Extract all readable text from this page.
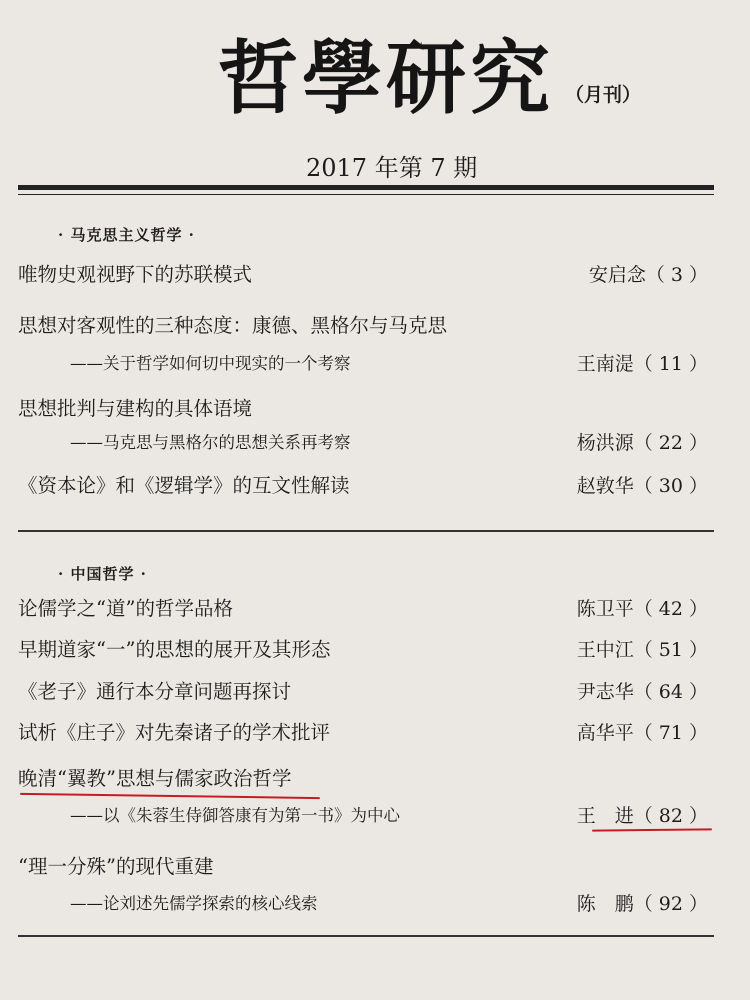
哲學研究 （月刊）
2017 年第 7 期
· 马克思主义哲学 ·
唯物史观视野下的苏联模式	安启念（ 3 ）
思想对客观性的三种态度：康德、黑格尔与马克思
——关于哲学如何切中现实的一个考察	王南湜（ 11 ）
思想批判与建构的具体语境
——马克思与黑格尔的思想关系再考察	杨洪源（ 22 ）
《资本论》和《逻辑学》的互文性解读	赵敦华（ 30 ）
· 中国哲学 ·
论儒学之“道”的哲学品格	陈卫平（ 42 ）
早期道家“一”的思想的展开及其形态	王中江（ 51 ）
《老子》通行本分章问题再探讨	尹志华（ 64 ）
试析《庄子》对先秦诸子的学术批评	高华平（ 71 ）
晚清“翼教”思想与儒家政治哲学
——以《朱蓉生侍御答康有为第一书》为中心	王　进（ 82 ）
“理一分殊”的现代重建
——论刘述先儒学探索的核心线索	陈　鹏（ 92 ）
